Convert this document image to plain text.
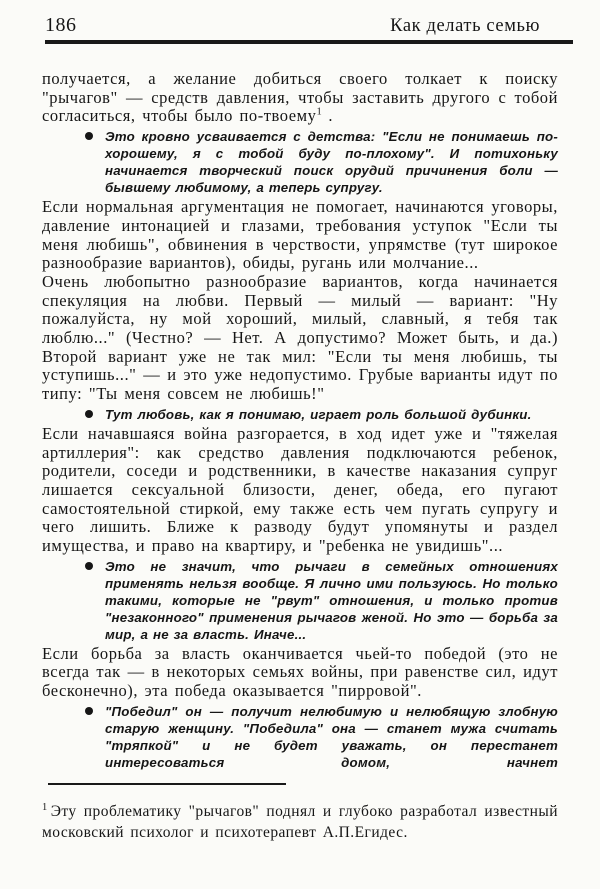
186	Как делать семью

получается, а желание добиться своего толкает к поиску "рычагов" — средств давления, чтобы заставить другого с тобой согласиться, чтобы было по-твоему$^1$ .

Это кровно усваивается с детства: "Если не понимаешь по-хорошему, я с тобой буду по-плохому". И потихоньку начинается творческий поиск орудий причинения боли — бывшему любимому, а теперь супругу.

Если нормальная аргументация не помогает, начинаются уговоры, давление интонацией и глазами, требования уступок "Если ты меня любишь", обвинения в черствости, упрямстве (тут широкое разнообразие вариантов), обиды, ругань или молчание...

Очень любопытно разнообразие вариантов, когда начинается спекуляция на любви. Первый — милый — вариант: "Ну пожалуйста, ну мой хороший, милый, славный, я тебя так люблю..." (Честно? — Нет. А допустимо? Может быть, и да.) Второй вариант уже не так мил: "Если ты меня любишь, ты уступишь..." — и это уже недопустимо. Грубые варианты идут по типу: "Ты меня совсем не любишь!"

Тут любовь, как я понимаю, играет роль большой дубинки.

Если начавшаяся война разгорается, в ход идет уже и "тяжелая артиллерия": как средство давления подключаются ребенок, родители, соседи и родственники, в качестве наказания супруг лишается сексуальной близости, денег, обеда, его пугают самостоятельной стиркой, ему также есть чем пугать супругу и чего лишить. Ближе к разводу будут упомянуты и раздел имущества, и право на квартиру, и "ребенка не увидишь"...

Это не значит, что рычаги в семейных отношениях применять нельзя вообще. Я лично ими пользуюсь. Но только такими, которые не "рвут" отношения, и только против "незаконного" применения рычагов женой. Но это — борьба за мир, а не за власть. Иначе...

Если борьба за власть оканчивается чьей-то победой (это не всегда так — в некоторых семьях войны, при равенстве сил, идут бесконечно), эта победа оказывается "пирровой".

"Победил" он — получит нелюбимую и нелюбящую злобную старую женщину. "Победила" она — станет мужа считать "тряпкой" и не будет уважать, он перестанет интересоваться домом, начнет
$^1$ Эту проблематику "рычагов" поднял и глубоко разработал известный московский психолог и психотерапевт А.П.Егидес.
